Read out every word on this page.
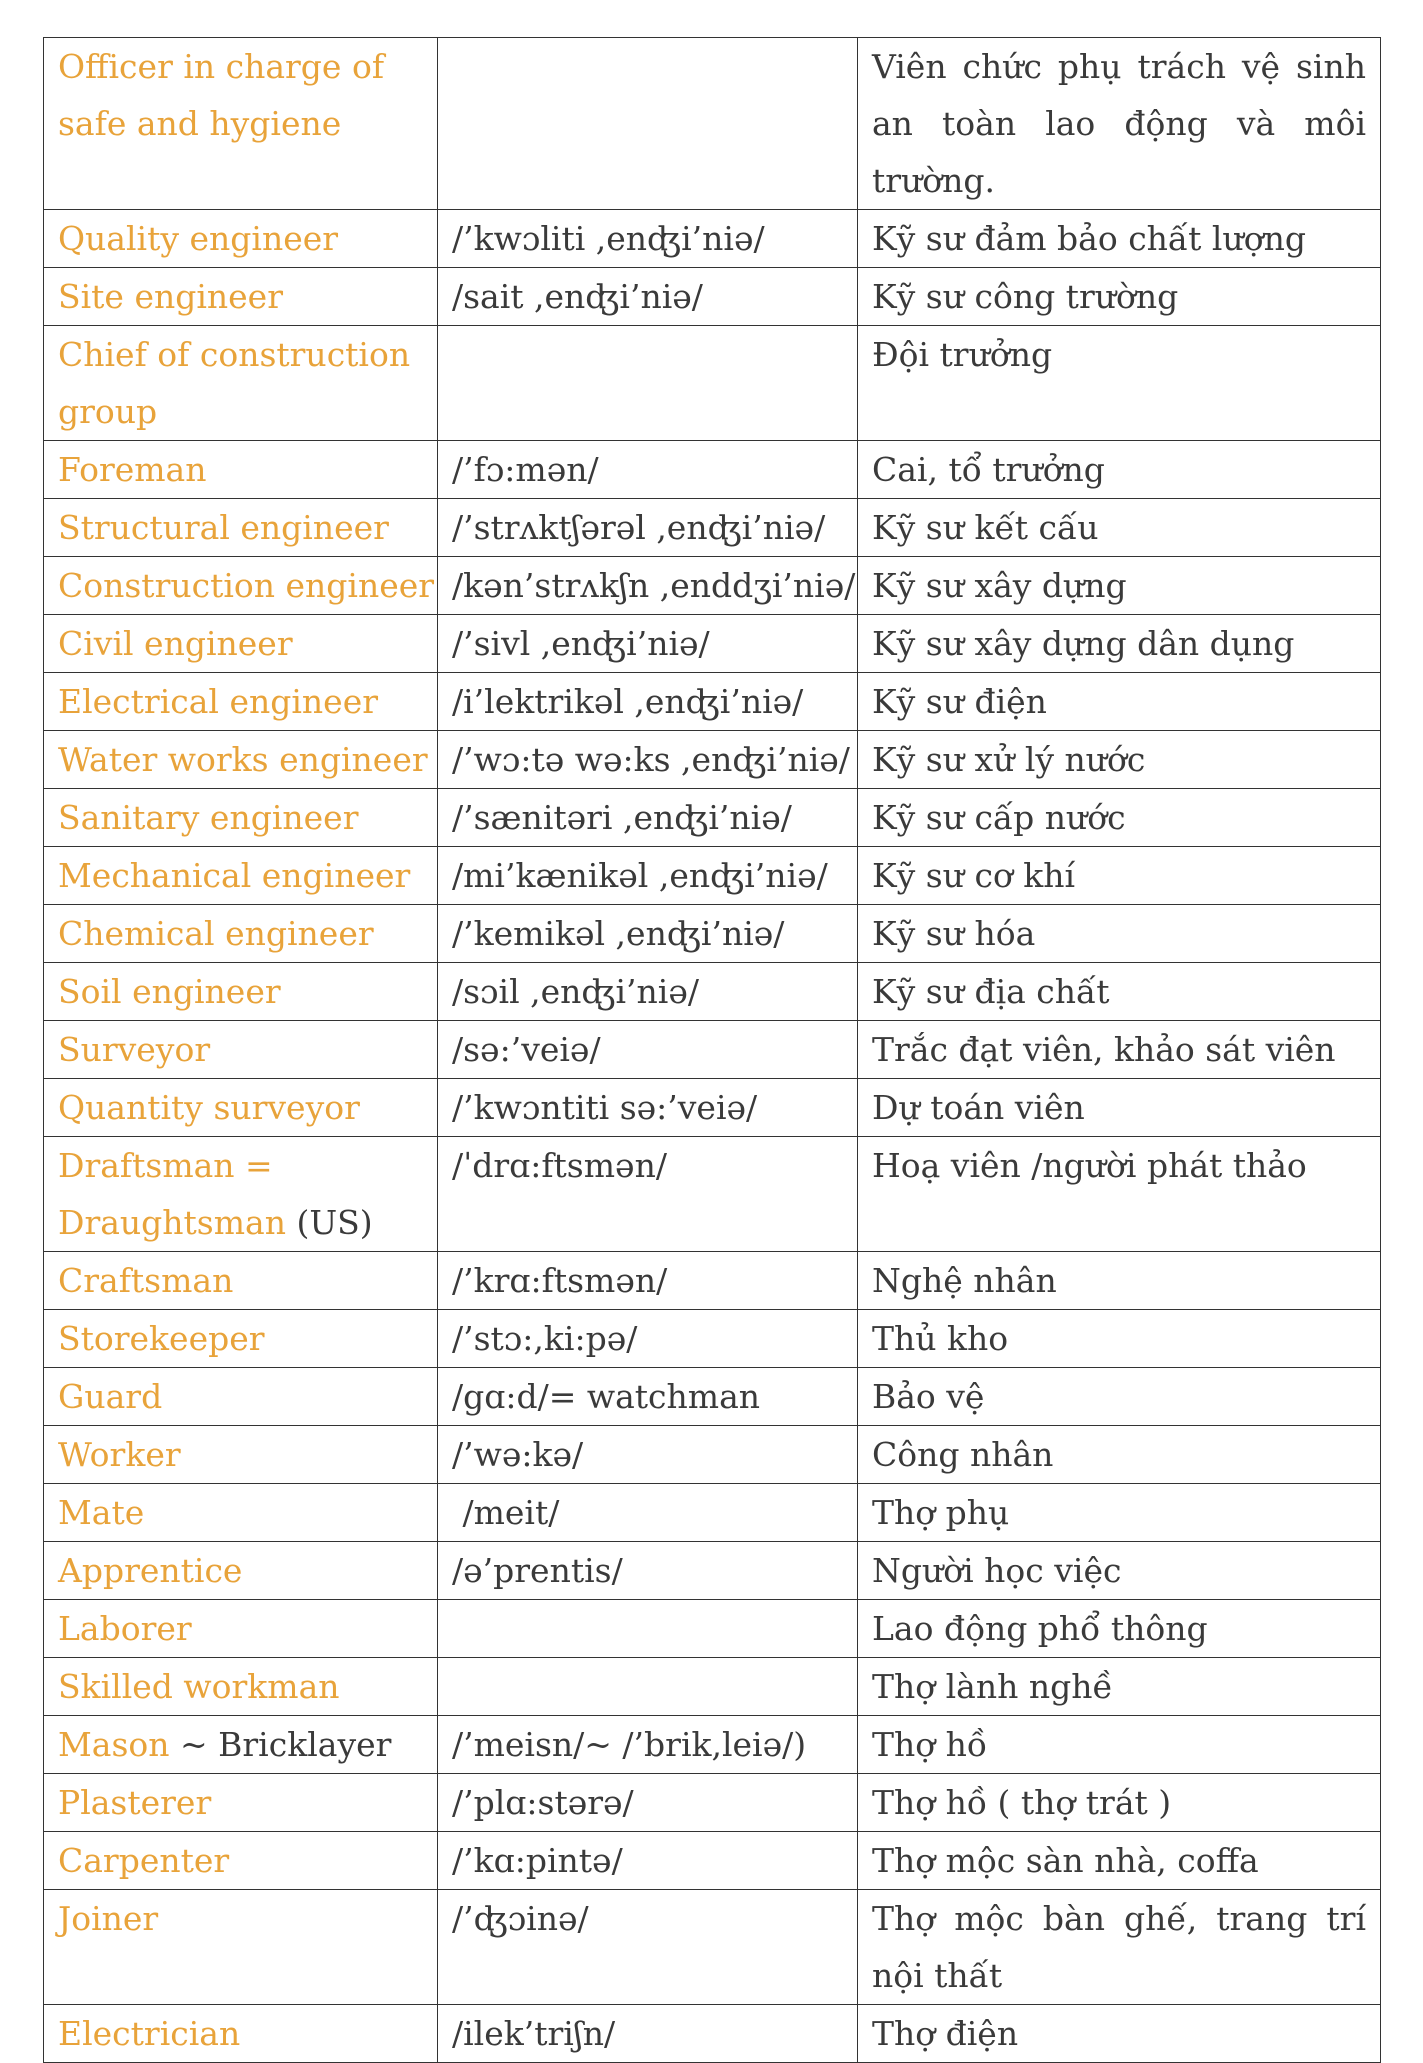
Officer in charge of safe and hygiene		Viên chức phụ trách vệ sinh an toàn lao động và môi trường.
Quality engineer	/’kwɔliti ,enʤi’niə/	Kỹ sư đảm bảo chất lượng
Site engineer	/sait ,enʤi’niə/	Kỹ sư công trường
Chief of construction group		Đội trưởng
Foreman	/’fɔ:mən/	Cai, tổ trưởng
Structural engineer	/’strʌktʃərəl ,enʤi’niə/	Kỹ sư kết cấu
Construction engineer	/kən’strʌkʃn ,enddʒi’niə/	Kỹ sư xây dựng
Civil engineer	/’sivl ,enʤi’niə/	Kỹ sư xây dựng dân dụng
Electrical engineer	/i’lektrikəl ,enʤi’niə/	Kỹ sư điện
Water works engineer	/’wɔ:tə wə:ks ,enʤi’niə/	Kỹ sư xử lý nước
Sanitary engineer	/’sænitəri ,enʤi’niə/	Kỹ sư cấp nước
Mechanical engineer	/mi’kænikəl ,enʤi’niə/	Kỹ sư cơ khí
Chemical engineer	/’kemikəl ,enʤi’niə/	Kỹ sư hóa
Soil engineer	/sɔil ,enʤi’niə/	Kỹ sư địa chất
Surveyor	/sə:’veiə/	Trắc đạt viên, khảo sát viên
Quantity surveyor	/’kwɔntiti sə:’veiə/	Dự toán viên
Draftsman = Draughtsman (US)	/ˈdrɑ:ftsmən/	Hoạ viên /người phát thảo
Craftsman	/’krɑ:ftsmən/	Nghệ nhân
Storekeeper	/’stɔ:,ki:pə/	Thủ kho
Guard	/gɑ:d/= watchman	Bảo vệ
Worker	/’wə:kə/	Công nhân
Mate	/meit/	Thợ phụ
Apprentice	/ə’prentis/	Người học việc
Laborer		Lao động phổ thông
Skilled workman		Thợ lành nghề
Mason ~ Bricklayer	/’meisn/~ /’brik,leiə/)	Thợ hồ
Plasterer	/’plɑ:stərə/	Thợ hồ ( thợ trát )
Carpenter	/’kɑ:pintə/	Thợ mộc sàn nhà, coffa
Joiner	/’ʤɔinə/	Thợ mộc bàn ghế, trang trí nội thất
Electrician	/ilek’triʃn/	Thợ điện
